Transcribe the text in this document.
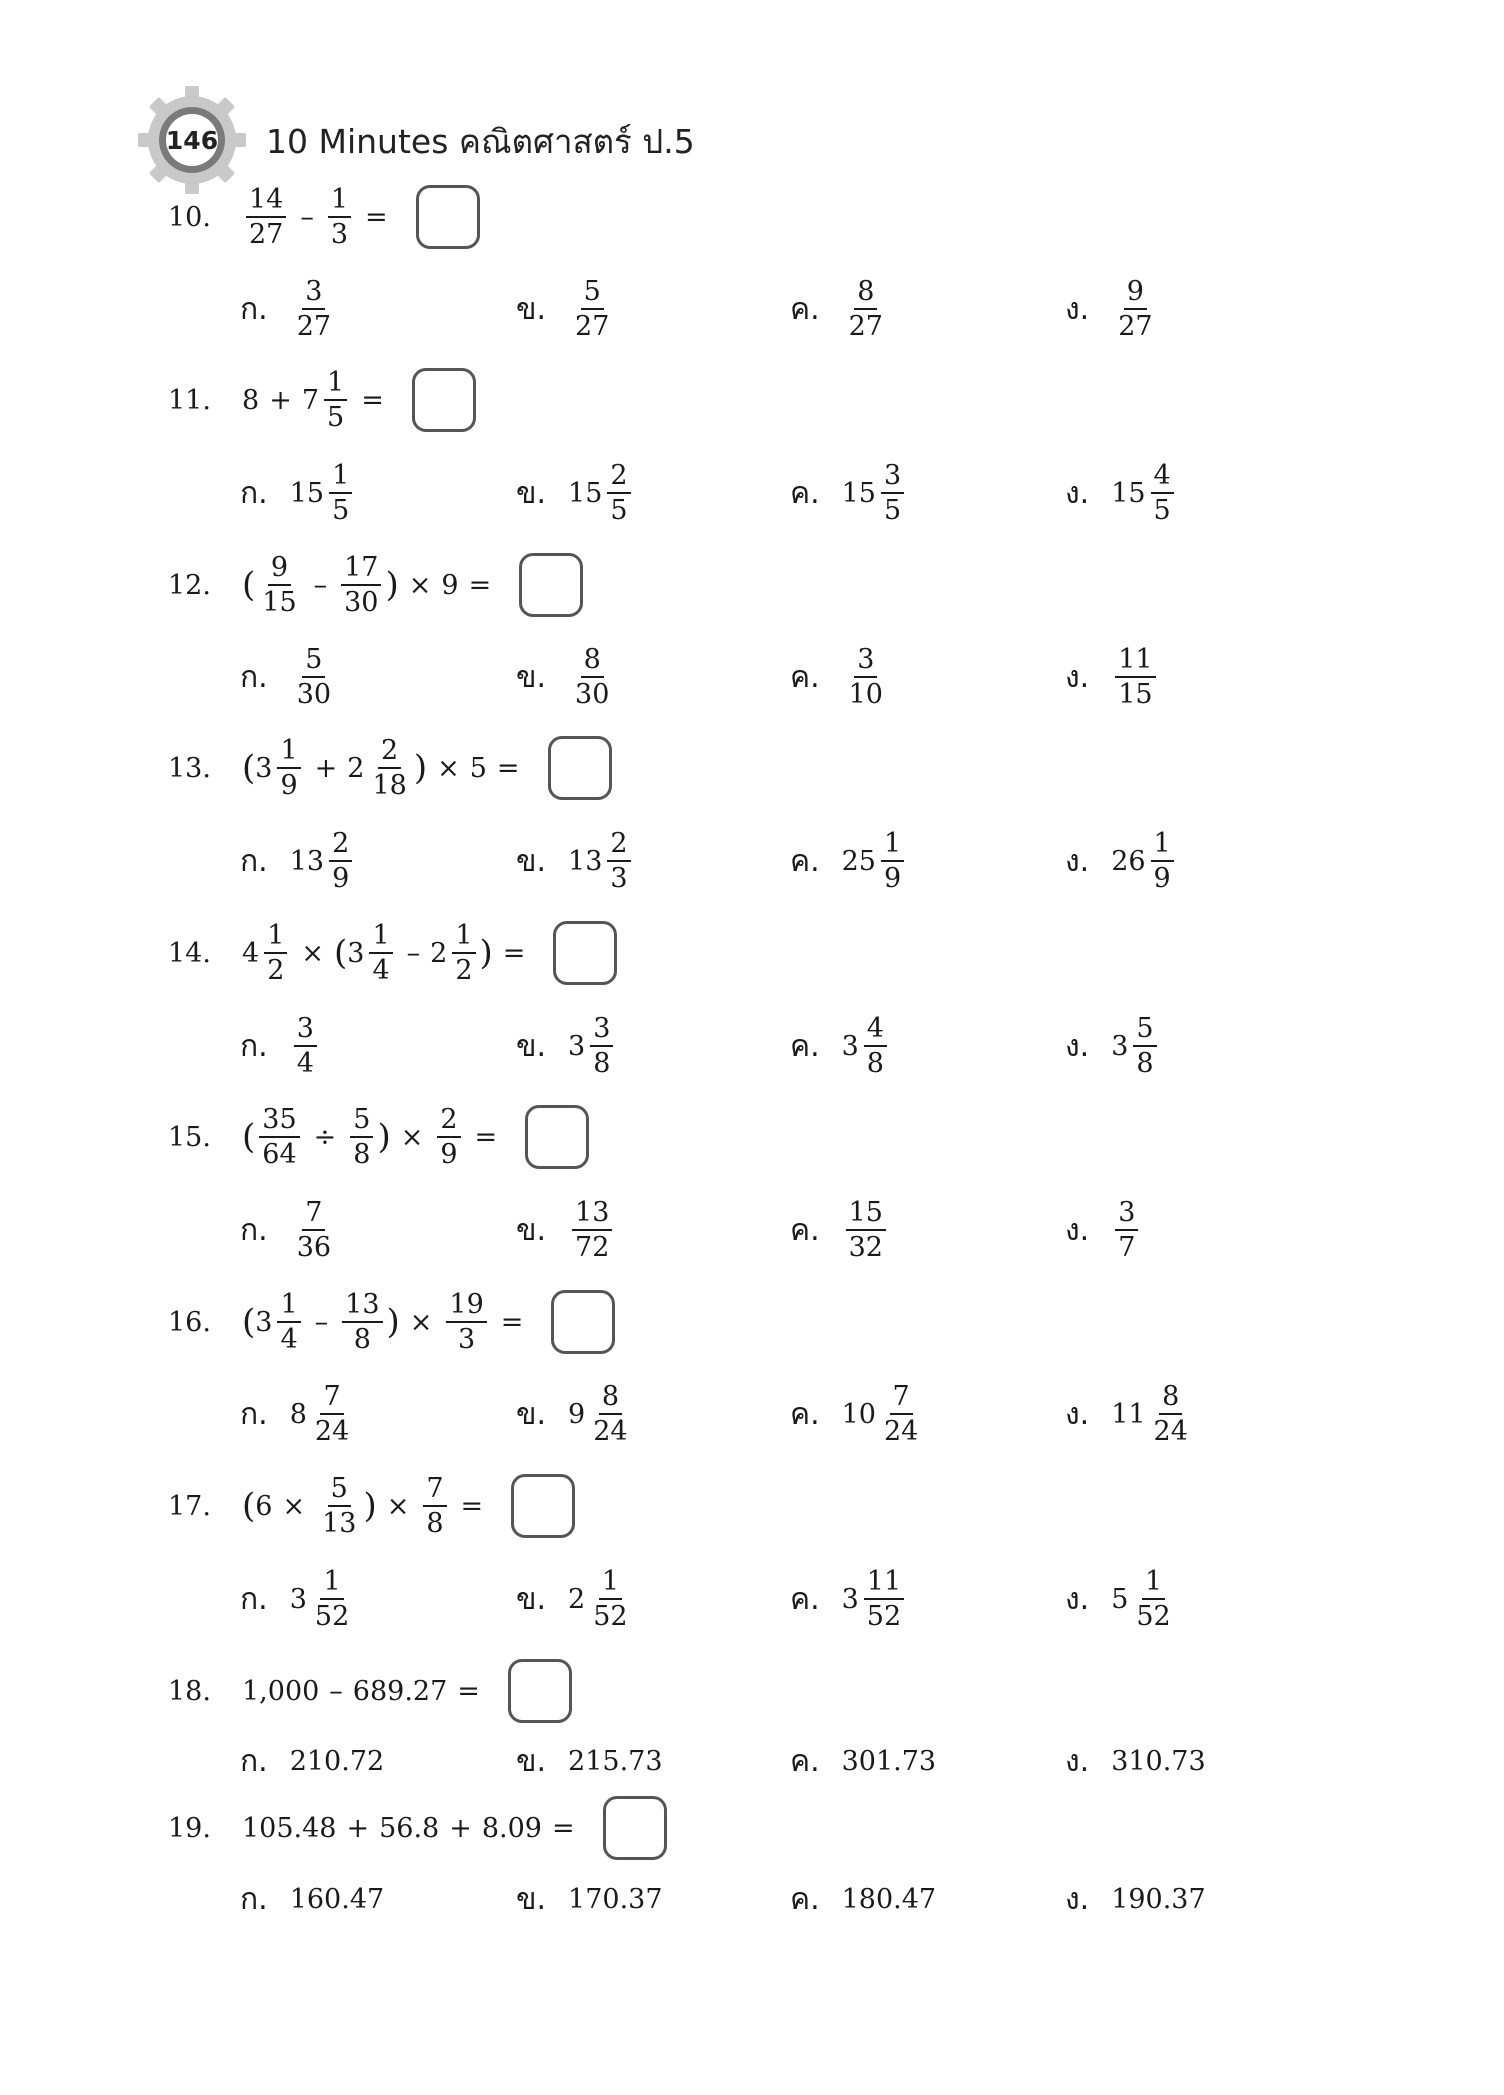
146	10 Minutes คณิตศาสตร์ ป.5
10.	$\frac{14}{27} - \frac{1}{3}$ =
ก. $\frac{3}{27}$	ข. $\frac{5}{27}$	ค. $\frac{8}{27}$	ง. $\frac{9}{27}$
11.	$8 + 7 \frac{1}{5}$ =
ก. $15 \frac{1}{5}$	ข. $15 \frac{2}{5}$	ค. $15 \frac{3}{5}$	ง. $15 \frac{4}{5}$
12. ( $\frac{9}{15} - \frac{17}{30}$ ) × 9 =
ก. $\frac{5}{30}$	ข. $\frac{8}{30}$	ค. $\frac{3}{10}$	ง. $\frac{11}{15}$
13. ( $3 \frac{1}{9} + 2 \frac{2}{18}$ ) × 5 =
ก. $13 \frac{2}{9}$	ข. $13 \frac{2}{3}$	ค. $25 \frac{1}{9}$	ง. $26 \frac{1}{9}$
14.	$4 \frac{1}{2}$ × ( $3 \frac{1}{4} - 2 \frac{1}{2}$ ) =
ก. $\frac{3}{4}$	ข. $3 \frac{3}{8}$	ค. $3 \frac{4}{8}$	ง. $3 \frac{5}{8}$
15. ( $\frac{35}{64} \div \frac{5}{8}$ ) × $\frac{2}{9}$ =
ก. $\frac{7}{36}$	ข. $\frac{13}{72}$	ค. $\frac{15}{32}$	ง. $\frac{3}{7}$
16. ( $3 \frac{1}{4} - \frac{13}{8}$ ) × $\frac{19}{3}$ =
ก. $8 \frac{7}{24}$	ข. $9 \frac{8}{24}$	ค. $10 \frac{7}{24}$	ง. $11 \frac{8}{24}$
17. ( $6 \times \frac{5}{13}$ ) × $\frac{7}{8}$ =
ก. $3 \frac{1}{52}$	ข. $2 \frac{1}{52}$	ค. $3 \frac{11}{52}$	ง. $5 \frac{1}{52}$
18.	1,000 – 689.27 =
ก. 210.72	ข. 215.73	ค. 301.73	ง. 310.73
19.	105.48 + 56.8 + 8.09 =
ก. 160.47	ข. 170.37	ค. 180.47	ง. 190.37
